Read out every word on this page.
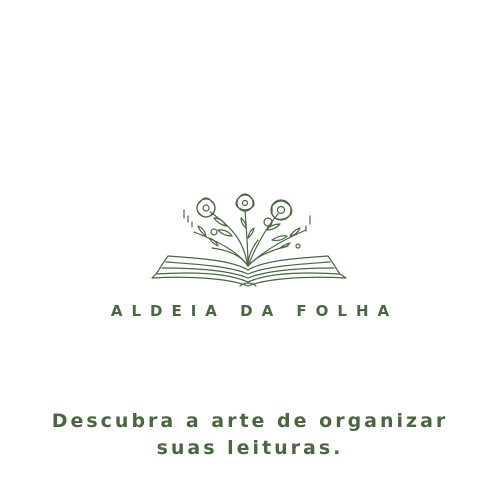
ALDEIA DA FOLHA
Descubra a arte de organizar
suas leituras.
